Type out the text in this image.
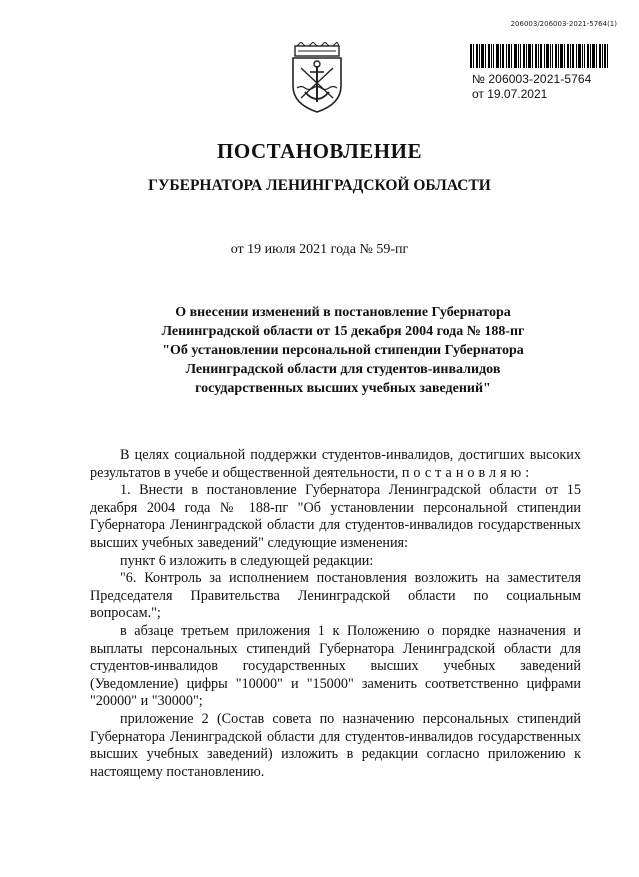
206003/206003-2021-5764(1)
№ 206003-2021-5764
от 19.07.2021
ПОСТАНОВЛЕНИЕ
ГУБЕРНАТОРА ЛЕНИНГРАДСКОЙ ОБЛАСТИ
от 19 июля 2021 года № 59-пг
О внесении изменений в постановление Губернатора
Ленинградской области от 15 декабря 2004 года № 188-пг
"Об установлении персональной стипендии Губернатора
Ленинградской области для студентов-инвалидов
государственных высших учебных заведений"

В целях социальной поддержки студентов-инвалидов, достигших высоких результатов в учебе и общественной деятельности, постановляю:

1. Внести в постановление Губернатора Ленинградской области от 15 декабря 2004 года № 188-пг "Об установлении персональной стипендии Губернатора Ленинградской области для студентов-инвалидов государственных высших учебных заведений" следующие изменения:

пункт 6 изложить в следующей редакции:

"6. Контроль за исполнением постановления возложить на заместителя Председателя Правительства Ленинградской области по социальным вопросам.";

в абзаце третьем приложения 1 к Положению о порядке назначения и выплаты персональных стипендий Губернатора Ленинградской области для студентов-инвалидов государственных высших учебных заведений (Уведомление) цифры "10000" и "15000" заменить соответственно цифрами "20000" и "30000";

приложение 2 (Состав совета по назначению персональных стипендий Губернатора Ленинградской области для студентов-инвалидов государственных высших учебных заведений) изложить в редакции согласно приложению к настоящему постановлению.
